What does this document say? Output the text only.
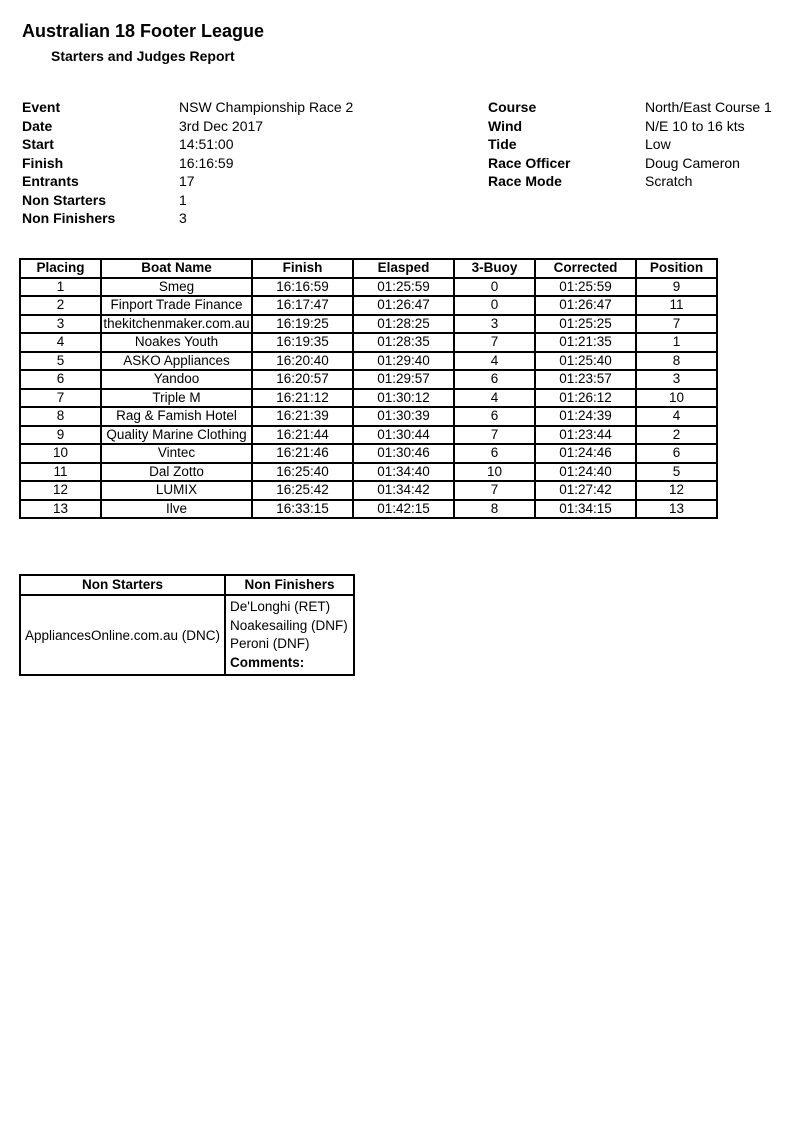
Australian 18 Footer League
Starters and Judges Report
Event	NSW Championship Race 2
Date	3rd Dec 2017
Start	14:51:00
Finish	16:16:59
Entrants	17
Non Starters	1
Non Finishers	3
Course	North/East Course 1
Wind	N/E 10 to 16 kts
Tide	Low
Race Officer	Doug Cameron
Race Mode	Scratch
Placing	Boat Name	Finish	Elasped	3-Buoy	Corrected	Position
1	Smeg	16:16:59	01:25:59	0	01:25:59	9
2	Finport Trade Finance	16:17:47	01:26:47	0	01:26:47	11
3	thekitchenmaker.com.au	16:19:25	01:28:25	3	01:25:25	7
4	Noakes Youth	16:19:35	01:28:35	7	01:21:35	1
5	ASKO Appliances	16:20:40	01:29:40	4	01:25:40	8
6	Yandoo	16:20:57	01:29:57	6	01:23:57	3
7	Triple M	16:21:12	01:30:12	4	01:26:12	10
8	Rag & Famish Hotel	16:21:39	01:30:39	6	01:24:39	4
9	Quality Marine Clothing	16:21:44	01:30:44	7	01:23:44	2
10	Vintec	16:21:46	01:30:46	6	01:24:46	6
11	Dal Zotto	16:25:40	01:34:40	10	01:24:40	5
12	LUMIX	16:25:42	01:34:42	7	01:27:42	12
13	Ilve	16:33:15	01:42:15	8	01:34:15	13
Non Starters	Non Finishers
AppliancesOnline.com.au (DNC)	De'Longhi (RET)
Noakesailing (DNF)
Peroni (DNF)
Comments:
